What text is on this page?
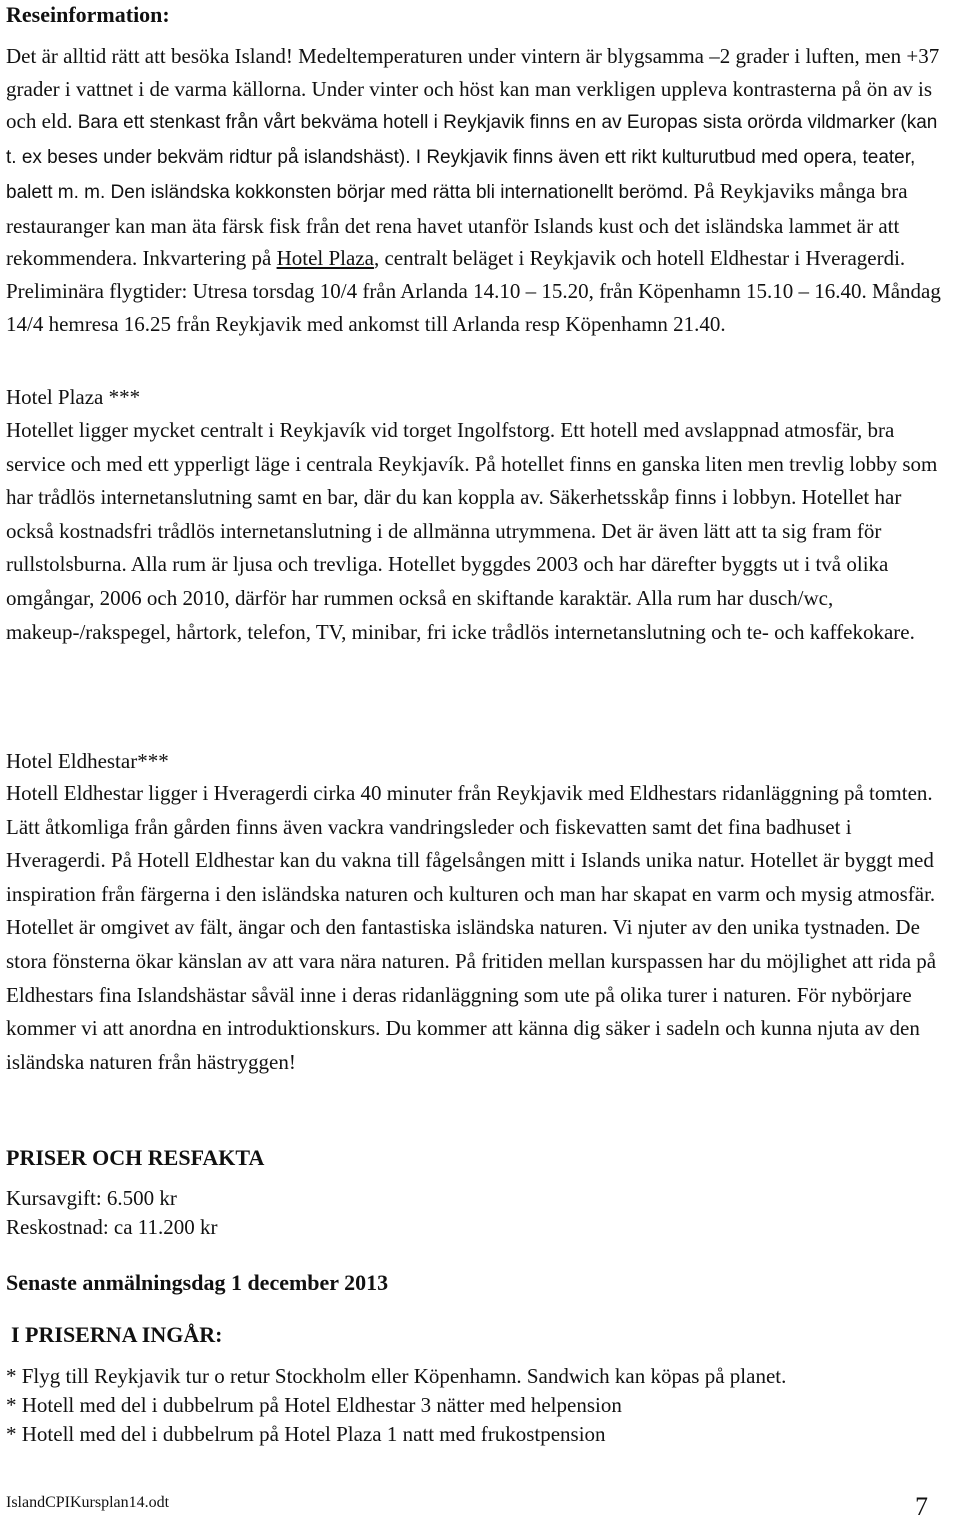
Reseinformation:
Det är alltid rätt att besöka Island! Medeltemperaturen under vintern är blygsamma –2 grader i luften, men +37 grader i vattnet i de varma källorna. Under vinter och höst kan man verkligen uppleva kontrasterna på ön av is och eld. Bara ett stenkast från vårt bekväma hotell i Reykjavik finns en av Europas sista orörda vildmarker (kan t. ex beses under bekväm ridtur på islandshäst). I Reykjavik finns även ett rikt kulturutbud med opera, teater, balett m. m. Den isländska kokkonsten börjar med rätta bli internationellt berömd. På Reykjaviks många bra restauranger kan man äta färsk fisk från det rena havet utanför Islands kust och det isländska lammet är att rekommendera. Inkvartering på Hotel Plaza, centralt beläget i Reykjavik och hotell Eldhestar i Hveragerdi. Preliminära flygtider: Utresa torsdag 10/4 från Arlanda 14.10 – 15.20, från Köpenhamn 15.10 – 16.40. Måndag 14/4 hemresa 16.25 från Reykjavik med ankomst till Arlanda resp Köpenhamn 21.40.
Hotel Plaza ***
Hotellet ligger mycket centralt i Reykjavík vid torget Ingolfstorg. Ett hotell med avslappnad atmosfär, bra service och med ett ypperligt läge i centrala Reykjavík. På hotellet finns en ganska liten men trevlig lobby som har trådlös internetanslutning samt en bar, där du kan koppla av. Säkerhetsskåp finns i lobbyn. Hotellet har också kostnadsfri trådlös internetanslutning i de allmänna utrymmena. Det är även lätt att ta sig fram för rullstolsburna. Alla rum är ljusa och trevliga. Hotellet byggdes 2003 och har därefter byggts ut i två olika omgångar, 2006 och 2010, därför har rummen också en skiftande karaktär. Alla rum har dusch/wc, makeup-/rakspegel, hårtork, telefon, TV, minibar, fri icke trådlös internetanslutning och te- och kaffekokare.
Hotel Eldhestar***
Hotell Eldhestar ligger i Hveragerdi cirka 40 minuter från Reykjavik med Eldhestars ridanläggning på tomten. Lätt åtkomliga från gården finns även vackra vandringsleder och fiskevatten samt det fina badhuset i Hveragerdi. På Hotell Eldhestar kan du vakna till fågelsången mitt i Islands unika natur. Hotellet är byggt med inspiration från färgerna i den isländska naturen och kulturen och man har skapat en varm och mysig atmosfär. Hotellet är omgivet av fält, ängar och den fantastiska isländska naturen. Vi njuter av den unika tystnaden. De stora fönsterna ökar känslan av att vara nära naturen. På fritiden mellan kurspassen har du möjlighet att rida på Eldhestars fina Islandshästar såväl inne i deras ridanläggning som ute på olika turer i naturen. För nybörjare kommer vi att anordna en introduktionskurs. Du kommer att känna dig säker i sadeln och kunna njuta av den isländska naturen från hästryggen!
PRISER OCH RESFAKTA
Kursavgift: 6.500 kr
Reskostnad: ca 11.200 kr
Senaste anmälningsdag 1 december 2013
I PRISERNA INGÅR:
* Flyg till Reykjavik tur o retur Stockholm eller Köpenhamn. Sandwich kan köpas på planet.
* Hotell med del i dubbelrum på Hotel Eldhestar 3 nätter med helpension
* Hotell med del i dubbelrum på Hotel Plaza 1 natt med frukostpension
IslandCPIKursplan14.odt	7
